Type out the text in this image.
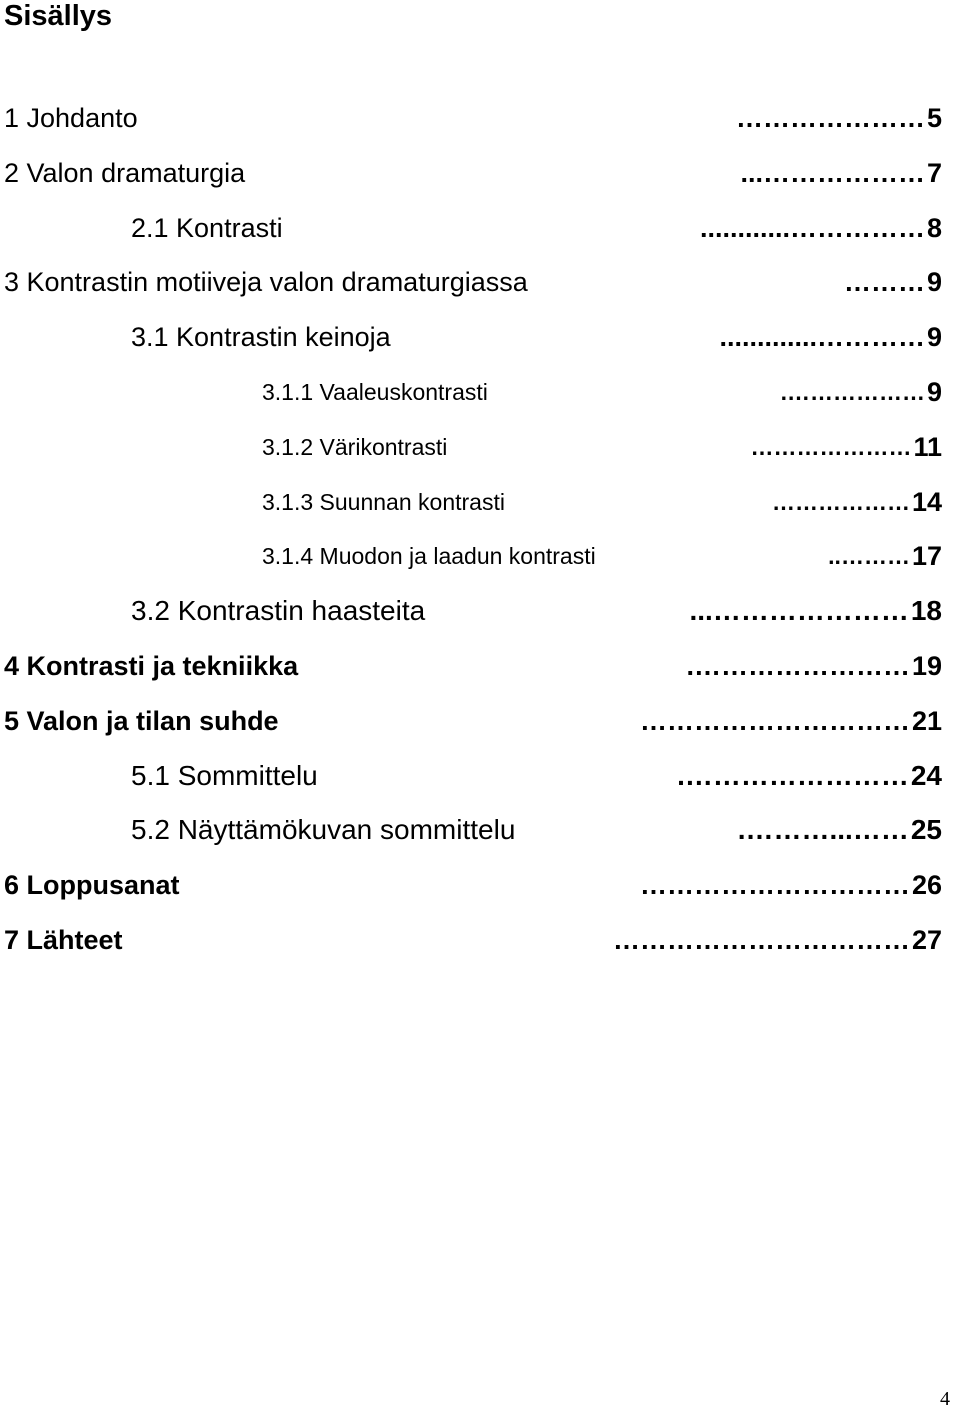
Sisällys
1 Johdanto	………………… 5
2 Valon dramaturgia	………………... 7
2.1 Kontrasti	……………............ 8
3 Kontrastin motiiveja valon dramaturgiassa	……… 9
3.1 Kontrastin keinoja	…………............. 9
3.1.1 Vaaleuskontrasti	………………. 9
3.1.2 Värikontrasti	………………… 11
3.1.3 Suunnan kontrasti	……………… 14
3.1.4 Muodon ja laadun kontrasti	……….. 17
3.2 Kontrastin haasteita	…………………... 18
4 Kontrasti ja tekniikka	……………………. 19
5 Valon ja tilan suhde	………………………… 21
5.1 Sommittelu	……………………. 24
5.2 Näyttämökuvan sommittelu	……...………. 25
6 Loppusanat	………………………… 26
7 Lähteet	…………………………… 27
4
